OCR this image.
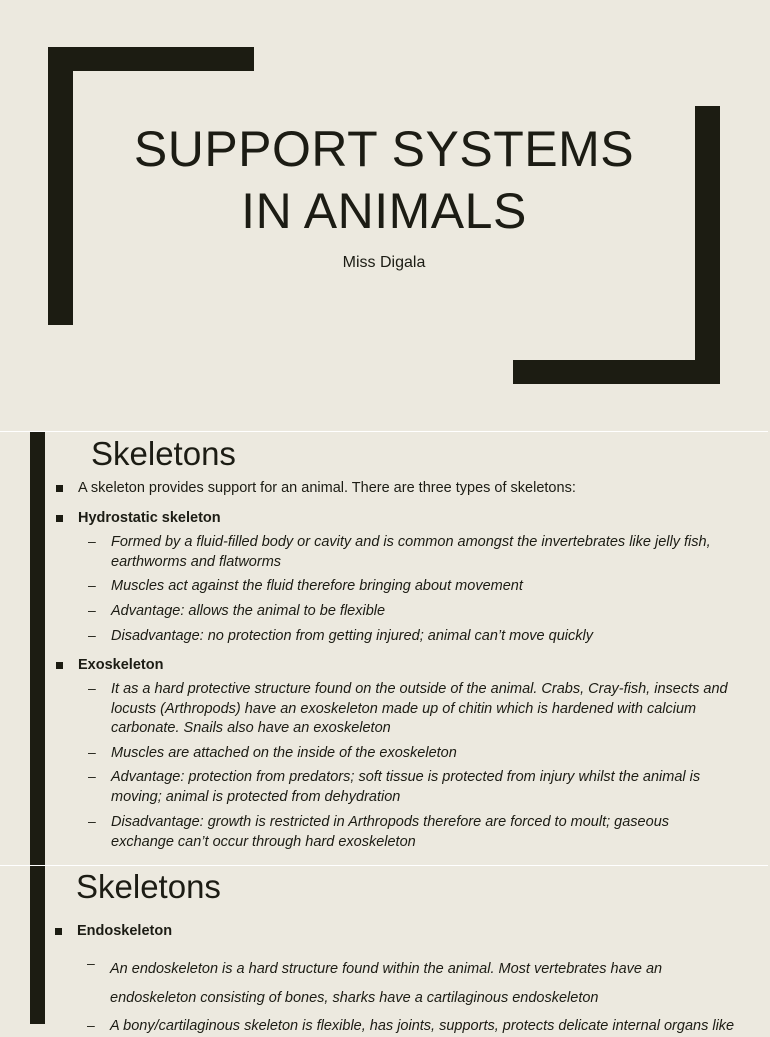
SUPPORT SYSTEMS
IN ANIMALS

Miss Digala

Skeletons
A skeleton provides support for an animal. There are three types of skeletons:
Hydrostatic skeleton
– Formed by a fluid-filled body or cavity and is common amongst the invertebrates like jelly fish, earthworms and flatworms
– Muscles act against the fluid therefore bringing about movement
– Advantage: allows the animal to be flexible
– Disadvantage: no protection from getting injured; animal can’t move quickly
Exoskeleton
– It as a hard protective structure found on the outside of the animal. Crabs, Cray-fish, insects and locusts (Arthropods) have an exoskeleton made up of chitin which is hardened with calcium carbonate. Snails also have an exoskeleton
– Muscles are attached on the inside of the exoskeleton
– Advantage: protection from predators; soft tissue is protected from injury whilst the animal is moving; animal is protected from dehydration
– Disadvantage: growth is restricted in Arthropods therefore are forced to moult; gaseous exchange can’t occur through hard exoskeleton
Skeletons
Endoskeleton
– An endoskeleton is a hard structure found within the animal. Most vertebrates have an endoskeleton consisting of bones, sharks have a cartilaginous endoskeleton
– A bony/cartilaginous skeleton is flexible, has joints, supports, protects delicate internal organs like
